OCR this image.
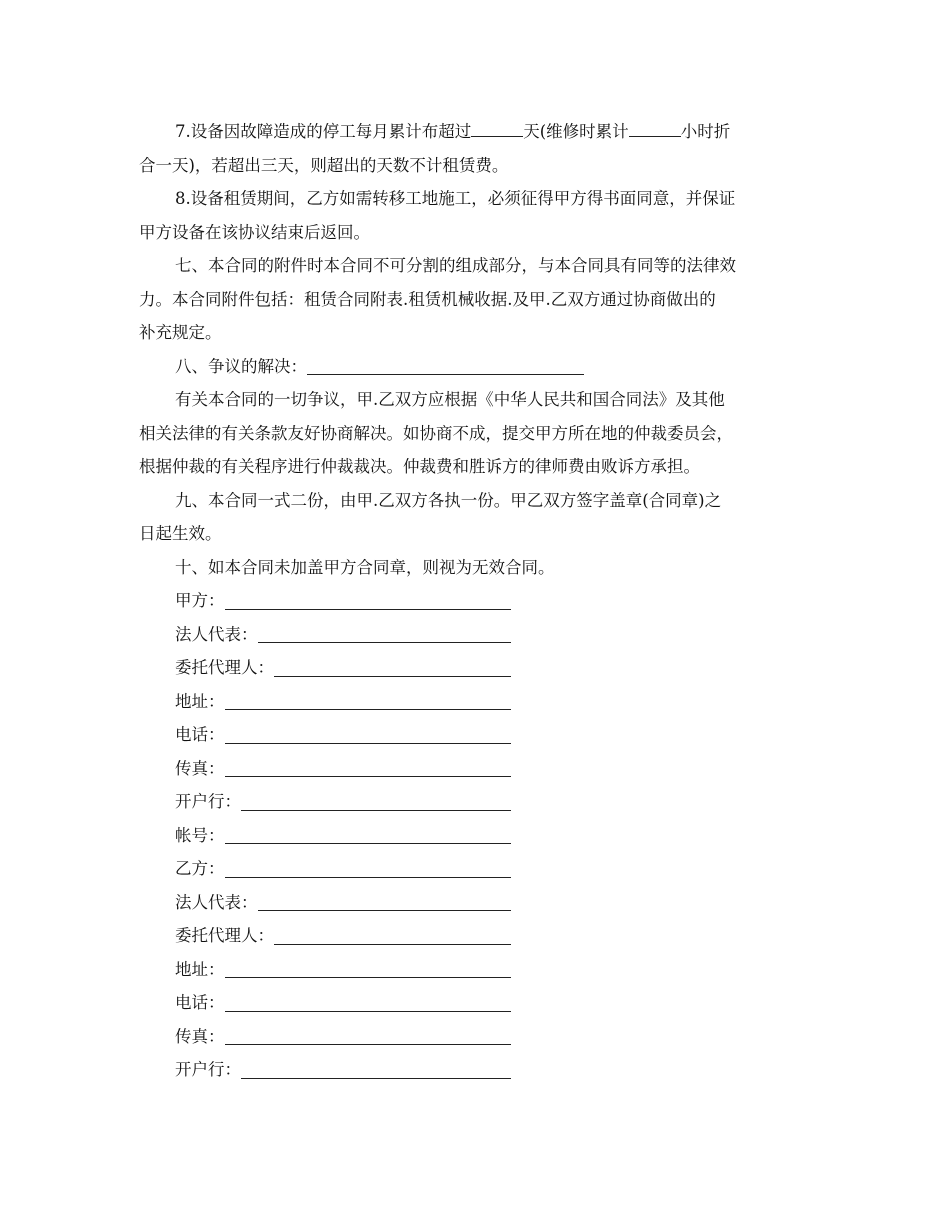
7.设备因故障造成的停工每月累计布超过	天(维修时累计	小时折

合一天)，若超出三天，则超出的天数不计租赁费。
8.设备租赁期间，乙方如需转移工地施工，必须征得甲方得书面同意，并保证
甲方设备在该协议结束后返回。
七、本合同的附件时本合同不可分割的组成部分，与本合同具有同等的法律效
力。本合同附件包括：租赁合同附表.租赁机械收据.及甲.乙双方通过协商做出的
补充规定。
八、争议的解决：
有关本合同的一切争议，甲.乙双方应根据《中华人民共和国合同法》及其他
相关法律的有关条款友好协商解决。如协商不成，提交甲方所在地的仲裁委员会，
根据仲裁的有关程序进行仲裁裁决。仲裁费和胜诉方的律师费由败诉方承担。
九、本合同一式二份，由甲.乙双方各执一份。甲乙双方签字盖章(合同章)之
日起生效。
十、如本合同未加盖甲方合同章，则视为无效合同。
甲方：
法人代表：
委托代理人：
地址：
电话：
传真：
开户行：
帐号：
乙方：
法人代表：
委托代理人：
地址：
电话：
传真：
开户行：
